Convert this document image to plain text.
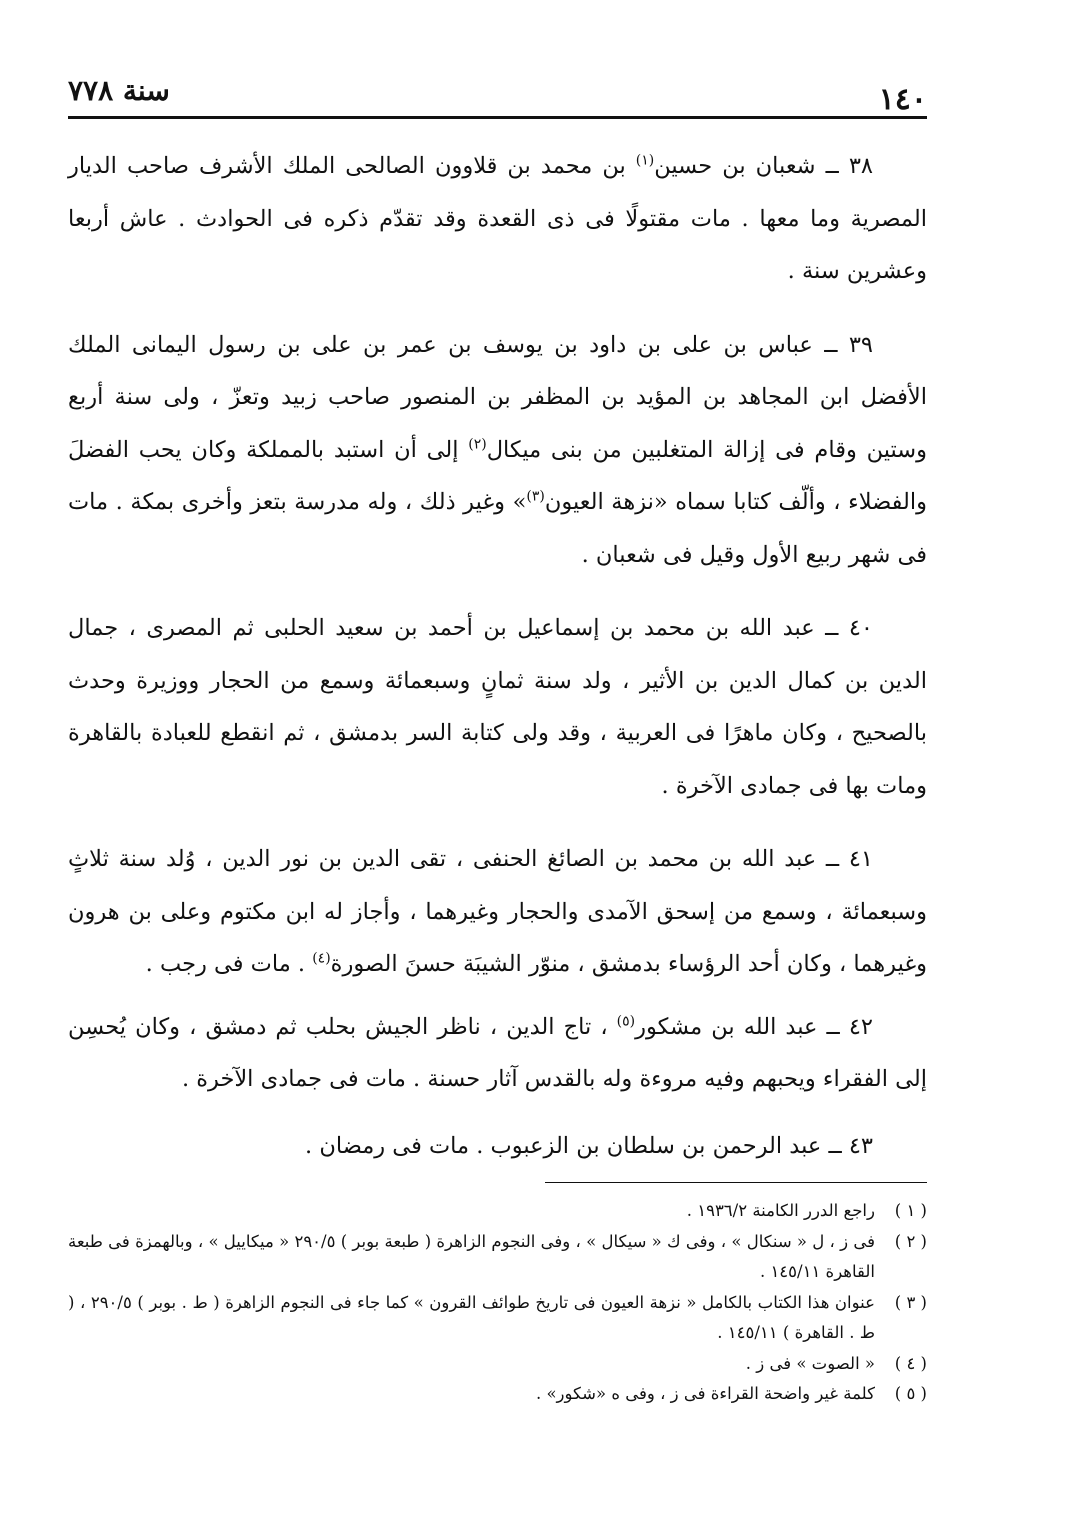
١٤٠
سنة ٧٧٨

٣٨ ــ شعبان بن حسين$^{(١)}$ بن محمد بن قلاوون الصالحى الملك الأشرف صاحب الديار المصرية وما معها . مات مقتولًا فى ذى القعدة وقد تقدّم ذكره فى الحوادث . عاش أربعا وعشرين سنة .

٣٩ ــ عباس بن على بن داود بن يوسف بن عمر بن على بن رسول اليمانى الملك الأفضل ابن المجاهد بن المؤيد بن المظفر بن المنصور صاحب زبيد وتعزّ ، ولى سنة أربع وستين وقام فى إزالة المتغلبين من بنى ميكال$^{(٢)}$ إلى أن استبد بالمملكة وكان يحب الفضلَ والفضلاء ، وألّف كتابا سماه «نزهة العيون$^{(٣)}$» وغير ذلك ، وله مدرسة بتعز وأخرى بمكة . مات فى شهر ربيع الأول وقيل فى شعبان .

٤٠ ــ عبد الله بن محمد بن إسماعيل بن أحمد بن سعيد الحلبى ثم المصرى ، جمال الدين بن كمال الدين بن الأثير ، ولد سنة ثمانٍ وسبعمائة وسمع من الحجار ووزيرة وحدث بالصحيح ، وكان ماهرًا فى العربية ، وقد ولى كتابة السر بدمشق ، ثم انقطع للعبادة بالقاهرة ومات بها فى جمادى الآخرة .

٤١ ــ عبد الله بن محمد بن الصائغ الحنفى ، تقى الدين بن نور الدين ، وُلد سنة ثلاثٍ وسبعمائة ، وسمع من إسحق الآمدى والحجار وغيرهما ، وأجاز له ابن مكتوم وعلى بن هرون وغيرهما ، وكان أحد الرؤساء بدمشق ، منوّر الشيبَة حسنَ الصورة$^{(٤)}$ . مات فى رجب .

٤٢ ــ عبد الله بن مشكور$^{(٥)}$ ، تاج الدين ، ناظر الجيش بحلب ثم دمشق ، وكان يُحسِن إلى الفقراء ويحبهم وفيه مروءة وله بالقدس آثار حسنة . مات فى جمادى الآخرة .

٤٣ ــ عبد الرحمن بن سلطان بن الزعبوب . مات فى رمضان .

( ١ )
راجع الدرر الكامنة ١٩٣٦/٢ .
( ٢ )
فى ز ، ل « سنكال » ، وفى ك « سيكال » ، وفى النجوم الزاهرة ( طبعة بوبر ) ٢٩٠/٥ « ميكاييل » ، وبالهمزة فى طبعة القاهرة ١٤٥/١١ .
( ٣ )
عنوان هذا الكتاب بالكامل « نزهة العيون فى تاريخ طوائف القرون » كما جاء فى النجوم الزاهرة ( ط . بوبر ) ٢٩٠/٥ ، ( ط . القاهرة ) ١٤٥/١١ .
( ٤ )
« الصوت » فى ز .
( ٥ )
كلمة غير واضحة القراءة فى ز ، وفى ه «شكور» .
